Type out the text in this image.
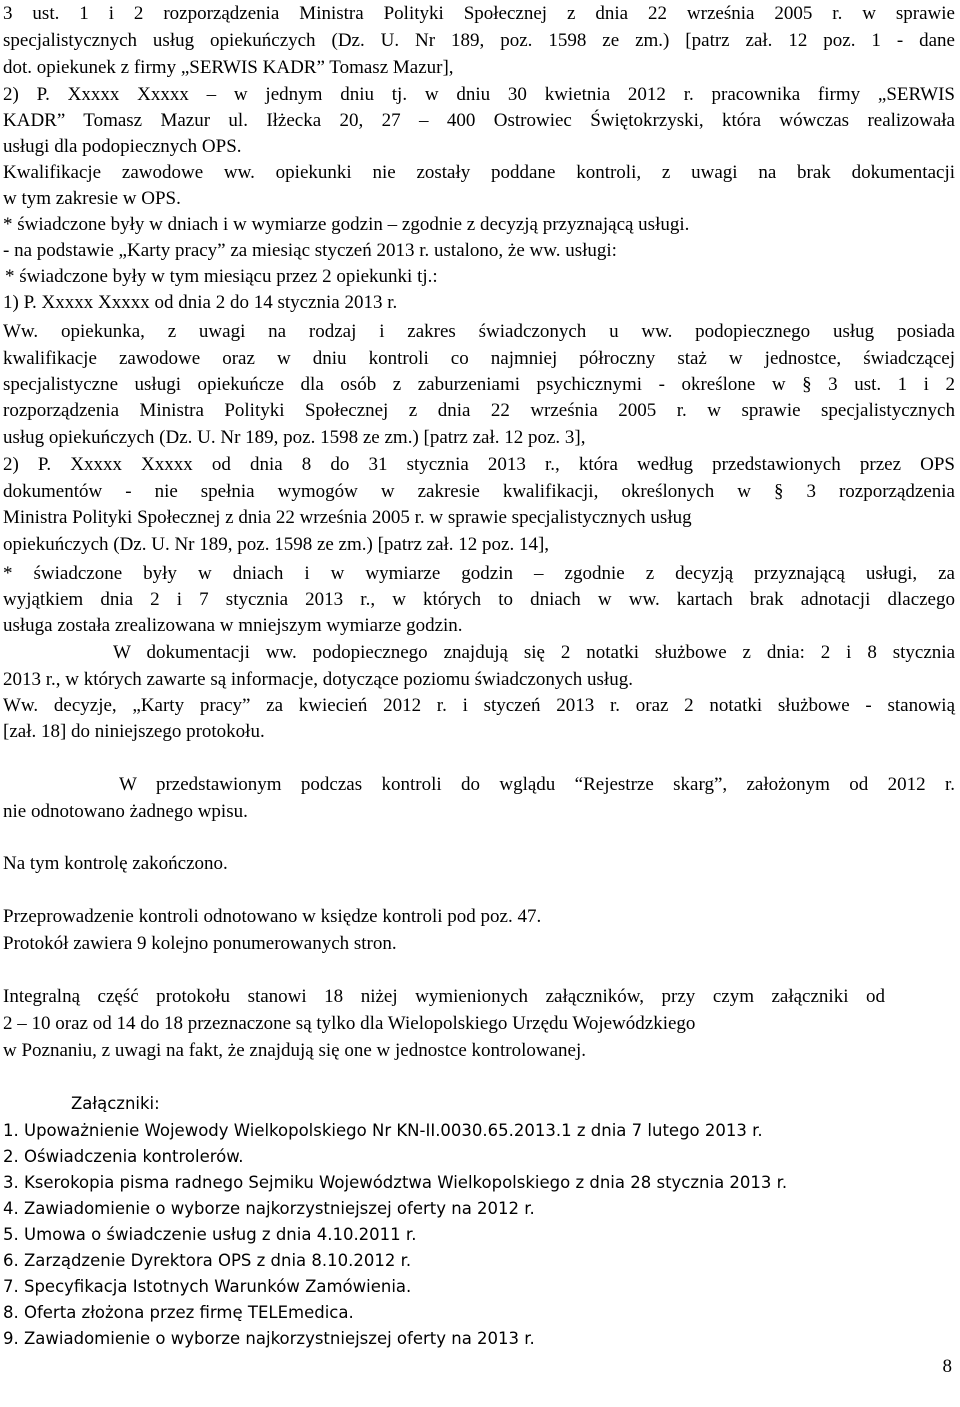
3 ust. 1 i 2 rozporządzenia Ministra Polityki Społecznej z dnia 22 września 2005 r. w sprawie
specjalistycznych usług opiekuńczych (Dz. U. Nr 189, poz. 1598 ze zm.) [patrz zał. 12 poz. 1 - dane
dot. opiekunek z firmy „SERWIS KADR” Tomasz Mazur],
2) P. Xxxxx Xxxxx – w jednym dniu tj. w dniu 30 kwietnia 2012 r. pracownika firmy „SERWIS
KADR” Tomasz Mazur ul. Iłżecka 20, 27 – 400 Ostrowiec Świętokrzyski, która wówczas realizowała
usługi dla podopiecznych OPS.
Kwalifikacje zawodowe ww. opiekunki nie zostały poddane kontroli, z uwagi na brak dokumentacji
w tym zakresie w OPS.
* świadczone były w dniach i w wymiarze godzin – zgodnie z decyzją przyznającą usługi.
- na podstawie „Karty pracy” za miesiąc styczeń 2013 r. ustalono, że ww. usługi:
* świadczone były w tym miesiącu przez 2 opiekunki tj.:
1) P. Xxxxx Xxxxx od dnia 2 do 14 stycznia 2013 r.
Ww. opiekunka, z uwagi na rodzaj i zakres świadczonych u ww. podopiecznego usług posiada
kwalifikacje zawodowe oraz w dniu kontroli co najmniej półroczny staż w jednostce, świadczącej
specjalistyczne usługi opiekuńcze dla osób z zaburzeniami psychicznymi - określone w § 3 ust. 1 i 2
rozporządzenia Ministra Polityki Społecznej z dnia 22 września 2005 r. w sprawie specjalistycznych
usług opiekuńczych (Dz. U. Nr 189, poz. 1598 ze zm.) [patrz zał. 12 poz. 3],
2) P. Xxxxx Xxxxx od dnia 8 do 31 stycznia 2013 r., która według przedstawionych przez OPS
dokumentów - nie spełnia wymogów w zakresie kwalifikacji, określonych w § 3 rozporządzenia
Ministra Polityki Społecznej z dnia 22 września 2005 r. w sprawie specjalistycznych usług
opiekuńczych (Dz. U. Nr 189, poz. 1598 ze zm.) [patrz zał. 12 poz. 14],
* świadczone były w dniach i w wymiarze godzin – zgodnie z decyzją przyznającą usługi, za
wyjątkiem dnia 2 i 7 stycznia 2013 r., w których to dniach w ww. kartach brak adnotacji dlaczego
usługa została zrealizowana w mniejszym wymiarze godzin.
W dokumentacji ww. podopiecznego znajdują się 2 notatki służbowe z dnia: 2 i 8 stycznia
2013 r., w których zawarte są informacje, dotyczące poziomu świadczonych usług.
Ww. decyzje, „Karty pracy” za kwiecień 2012 r. i styczeń 2013 r. oraz 2 notatki służbowe - stanowią
[zał. 18] do niniejszego protokołu.
W przedstawionym podczas kontroli do wglądu “Rejestrze skarg”, założonym od 2012 r.
nie odnotowano żadnego wpisu.
Na tym kontrolę zakończono.
Przeprowadzenie kontroli odnotowano w księdze kontroli pod poz. 47.
Protokół zawiera 9 kolejno ponumerowanych stron.
Integralną część protokołu stanowi 18 niżej wymienionych załączników, przy czym załączniki od
2 – 10 oraz od 14 do 18 przeznaczone są tylko dla Wielopolskiego Urzędu Wojewódzkiego
w Poznaniu, z uwagi na fakt, że znajdują się one w jednostce kontrolowanej.
Załączniki:
1. Upoważnienie Wojewody Wielkopolskiego Nr KN-II.0030.65.2013.1 z dnia 7 lutego 2013 r.
2. Oświadczenia kontrolerów.
3. Kserokopia pisma radnego Sejmiku Województwa Wielkopolskiego z dnia 28 stycznia 2013 r.
4. Zawiadomienie o wyborze najkorzystniejszej oferty na 2012 r.
5. Umowa o świadczenie usług z dnia 4.10.2011 r.
6. Zarządzenie Dyrektora OPS z dnia 8.10.2012 r.
7. Specyfikacja Istotnych Warunków Zamówienia.
8. Oferta złożona przez firmę TELEmedica.
9. Zawiadomienie o wyborze najkorzystniejszej oferty na 2013 r.
8
